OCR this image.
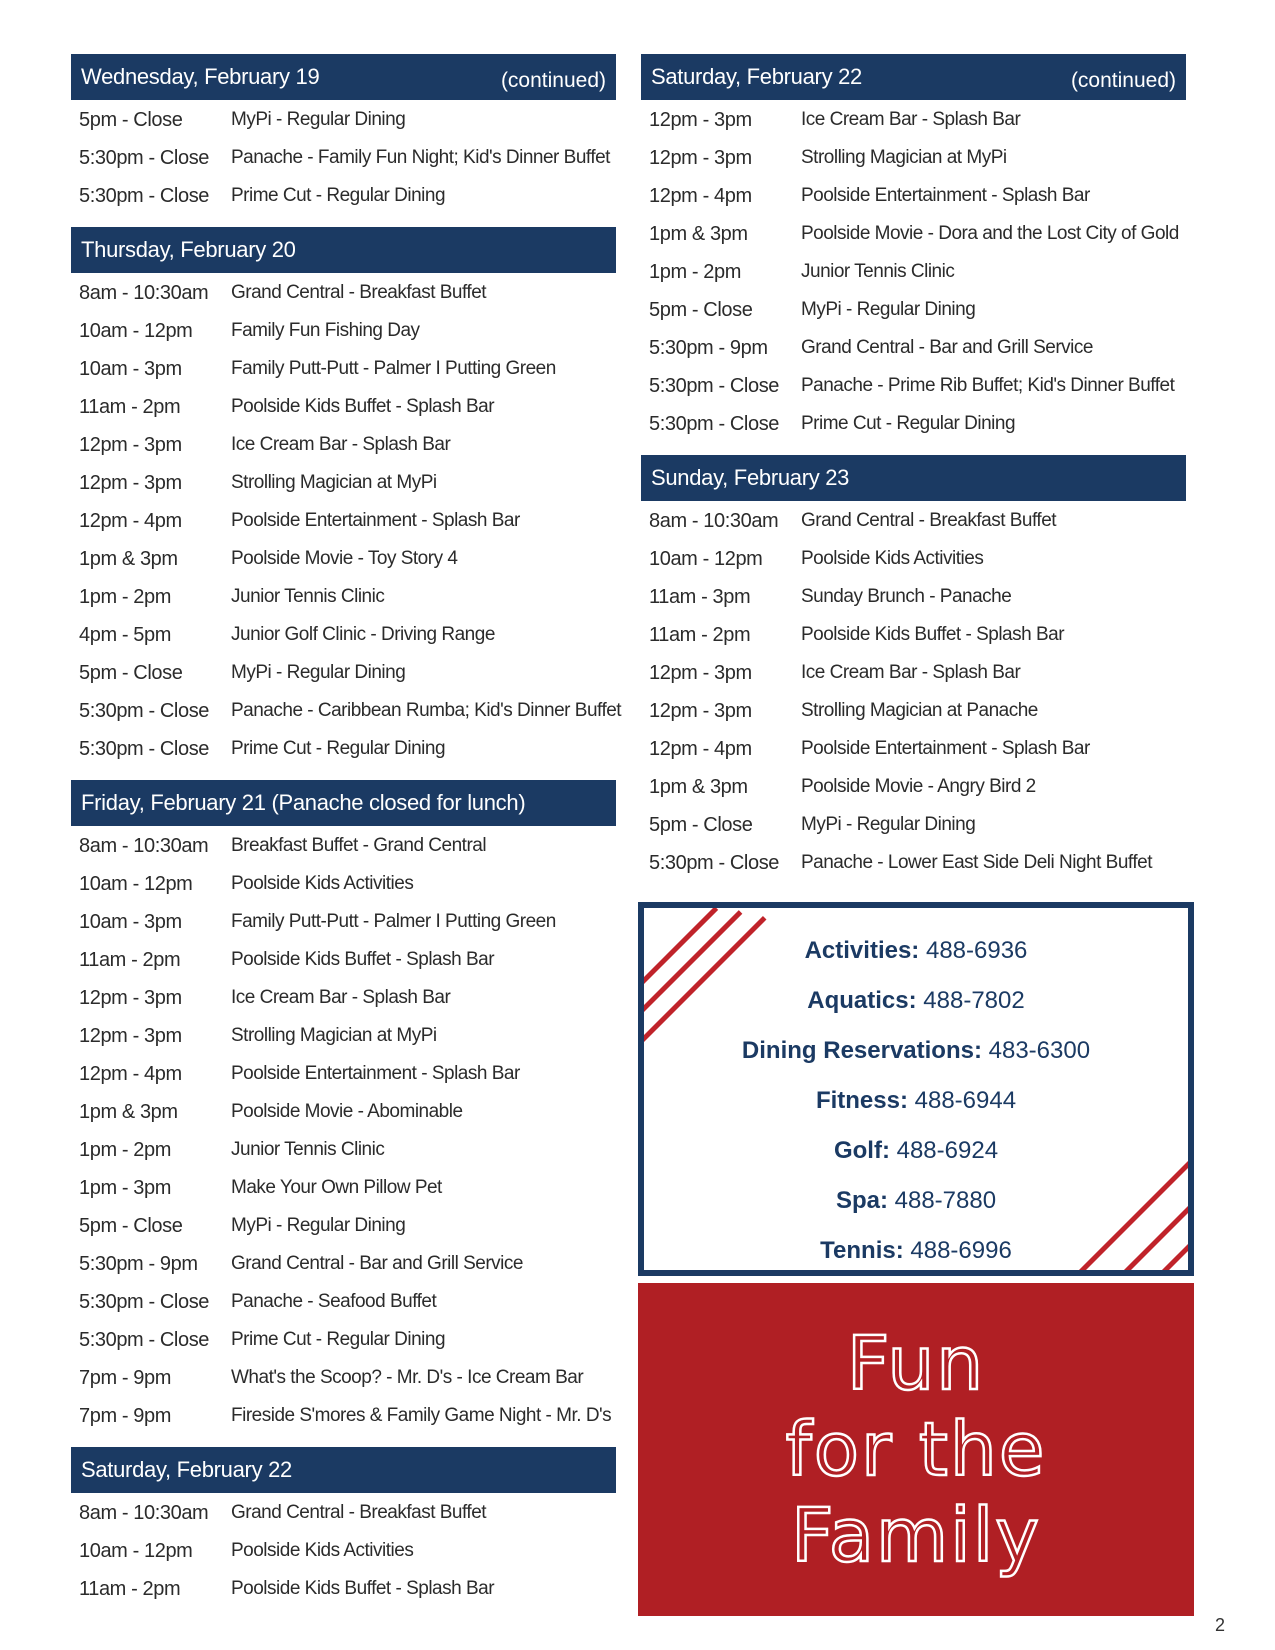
Wednesday, February 19	(continued)
5pm - Close	MyPi - Regular Dining
5:30pm - Close	Panache - Family Fun Night; Kid's Dinner Buffet
5:30pm - Close	Prime Cut - Regular Dining
Thursday, February 20
8am - 10:30am	Grand Central - Breakfast Buffet
10am - 12pm	Family Fun Fishing Day
10am - 3pm	Family Putt-Putt - Palmer I Putting Green
11am - 2pm	Poolside Kids Buffet - Splash Bar
12pm - 3pm	Ice Cream Bar - Splash Bar
12pm - 3pm	Strolling Magician at MyPi
12pm - 4pm	Poolside Entertainment - Splash Bar
1pm & 3pm	Poolside Movie - Toy Story 4
1pm - 2pm	Junior Tennis Clinic
4pm - 5pm	Junior Golf Clinic - Driving Range
5pm - Close	MyPi - Regular Dining
5:30pm - Close	Panache - Caribbean Rumba; Kid's Dinner Buffet
5:30pm - Close	Prime Cut - Regular Dining
Friday, February 21 (Panache closed for lunch)
8am - 10:30am	Breakfast Buffet - Grand Central
10am - 12pm	Poolside Kids Activities
10am - 3pm	Family Putt-Putt - Palmer I Putting Green
11am - 2pm	Poolside Kids Buffet - Splash Bar
12pm - 3pm	Ice Cream Bar - Splash Bar
12pm - 3pm	Strolling Magician at MyPi
12pm - 4pm	Poolside Entertainment - Splash Bar
1pm & 3pm	Poolside Movie - Abominable
1pm - 2pm	Junior Tennis Clinic
1pm - 3pm	Make Your Own Pillow Pet
5pm - Close	MyPi - Regular Dining
5:30pm - 9pm	Grand Central - Bar and Grill Service
5:30pm - Close	Panache - Seafood Buffet
5:30pm - Close	Prime Cut - Regular Dining
7pm - 9pm	What's the Scoop? - Mr. D's - Ice Cream Bar
7pm - 9pm	Fireside S'mores & Family Game Night - Mr. D's
Saturday, February 22
8am - 10:30am	Grand Central - Breakfast Buffet
10am - 12pm	Poolside Kids Activities
11am - 2pm	Poolside Kids Buffet - Splash Bar
Saturday, February 22	(continued)
12pm - 3pm	Ice Cream Bar - Splash Bar
12pm - 3pm	Strolling Magician at MyPi
12pm - 4pm	Poolside Entertainment - Splash Bar
1pm & 3pm	Poolside Movie - Dora and the Lost City of Gold
1pm - 2pm	Junior Tennis Clinic
5pm - Close	MyPi - Regular Dining
5:30pm - 9pm	Grand Central - Bar and Grill Service
5:30pm - Close	Panache - Prime Rib Buffet; Kid's Dinner Buffet
5:30pm - Close	Prime Cut - Regular Dining
Sunday, February 23
8am - 10:30am	Grand Central - Breakfast Buffet
10am - 12pm	Poolside Kids Activities
11am - 3pm	Sunday Brunch - Panache
11am - 2pm	Poolside Kids Buffet - Splash Bar
12pm - 3pm	Ice Cream Bar - Splash Bar
12pm - 3pm	Strolling Magician at Panache
12pm - 4pm	Poolside Entertainment - Splash Bar
1pm & 3pm	Poolside Movie - Angry Bird 2
5pm - Close	MyPi - Regular Dining
5:30pm - Close	Panache - Lower East Side Deli Night Buffet
Activities: 488-6936
Aquatics: 488-7802
Dining Reservations: 483-6300
Fitness: 488-6944
Golf: 488-6924
Spa: 488-7880
Tennis: 488-6996
Fun
for the
Family
2
